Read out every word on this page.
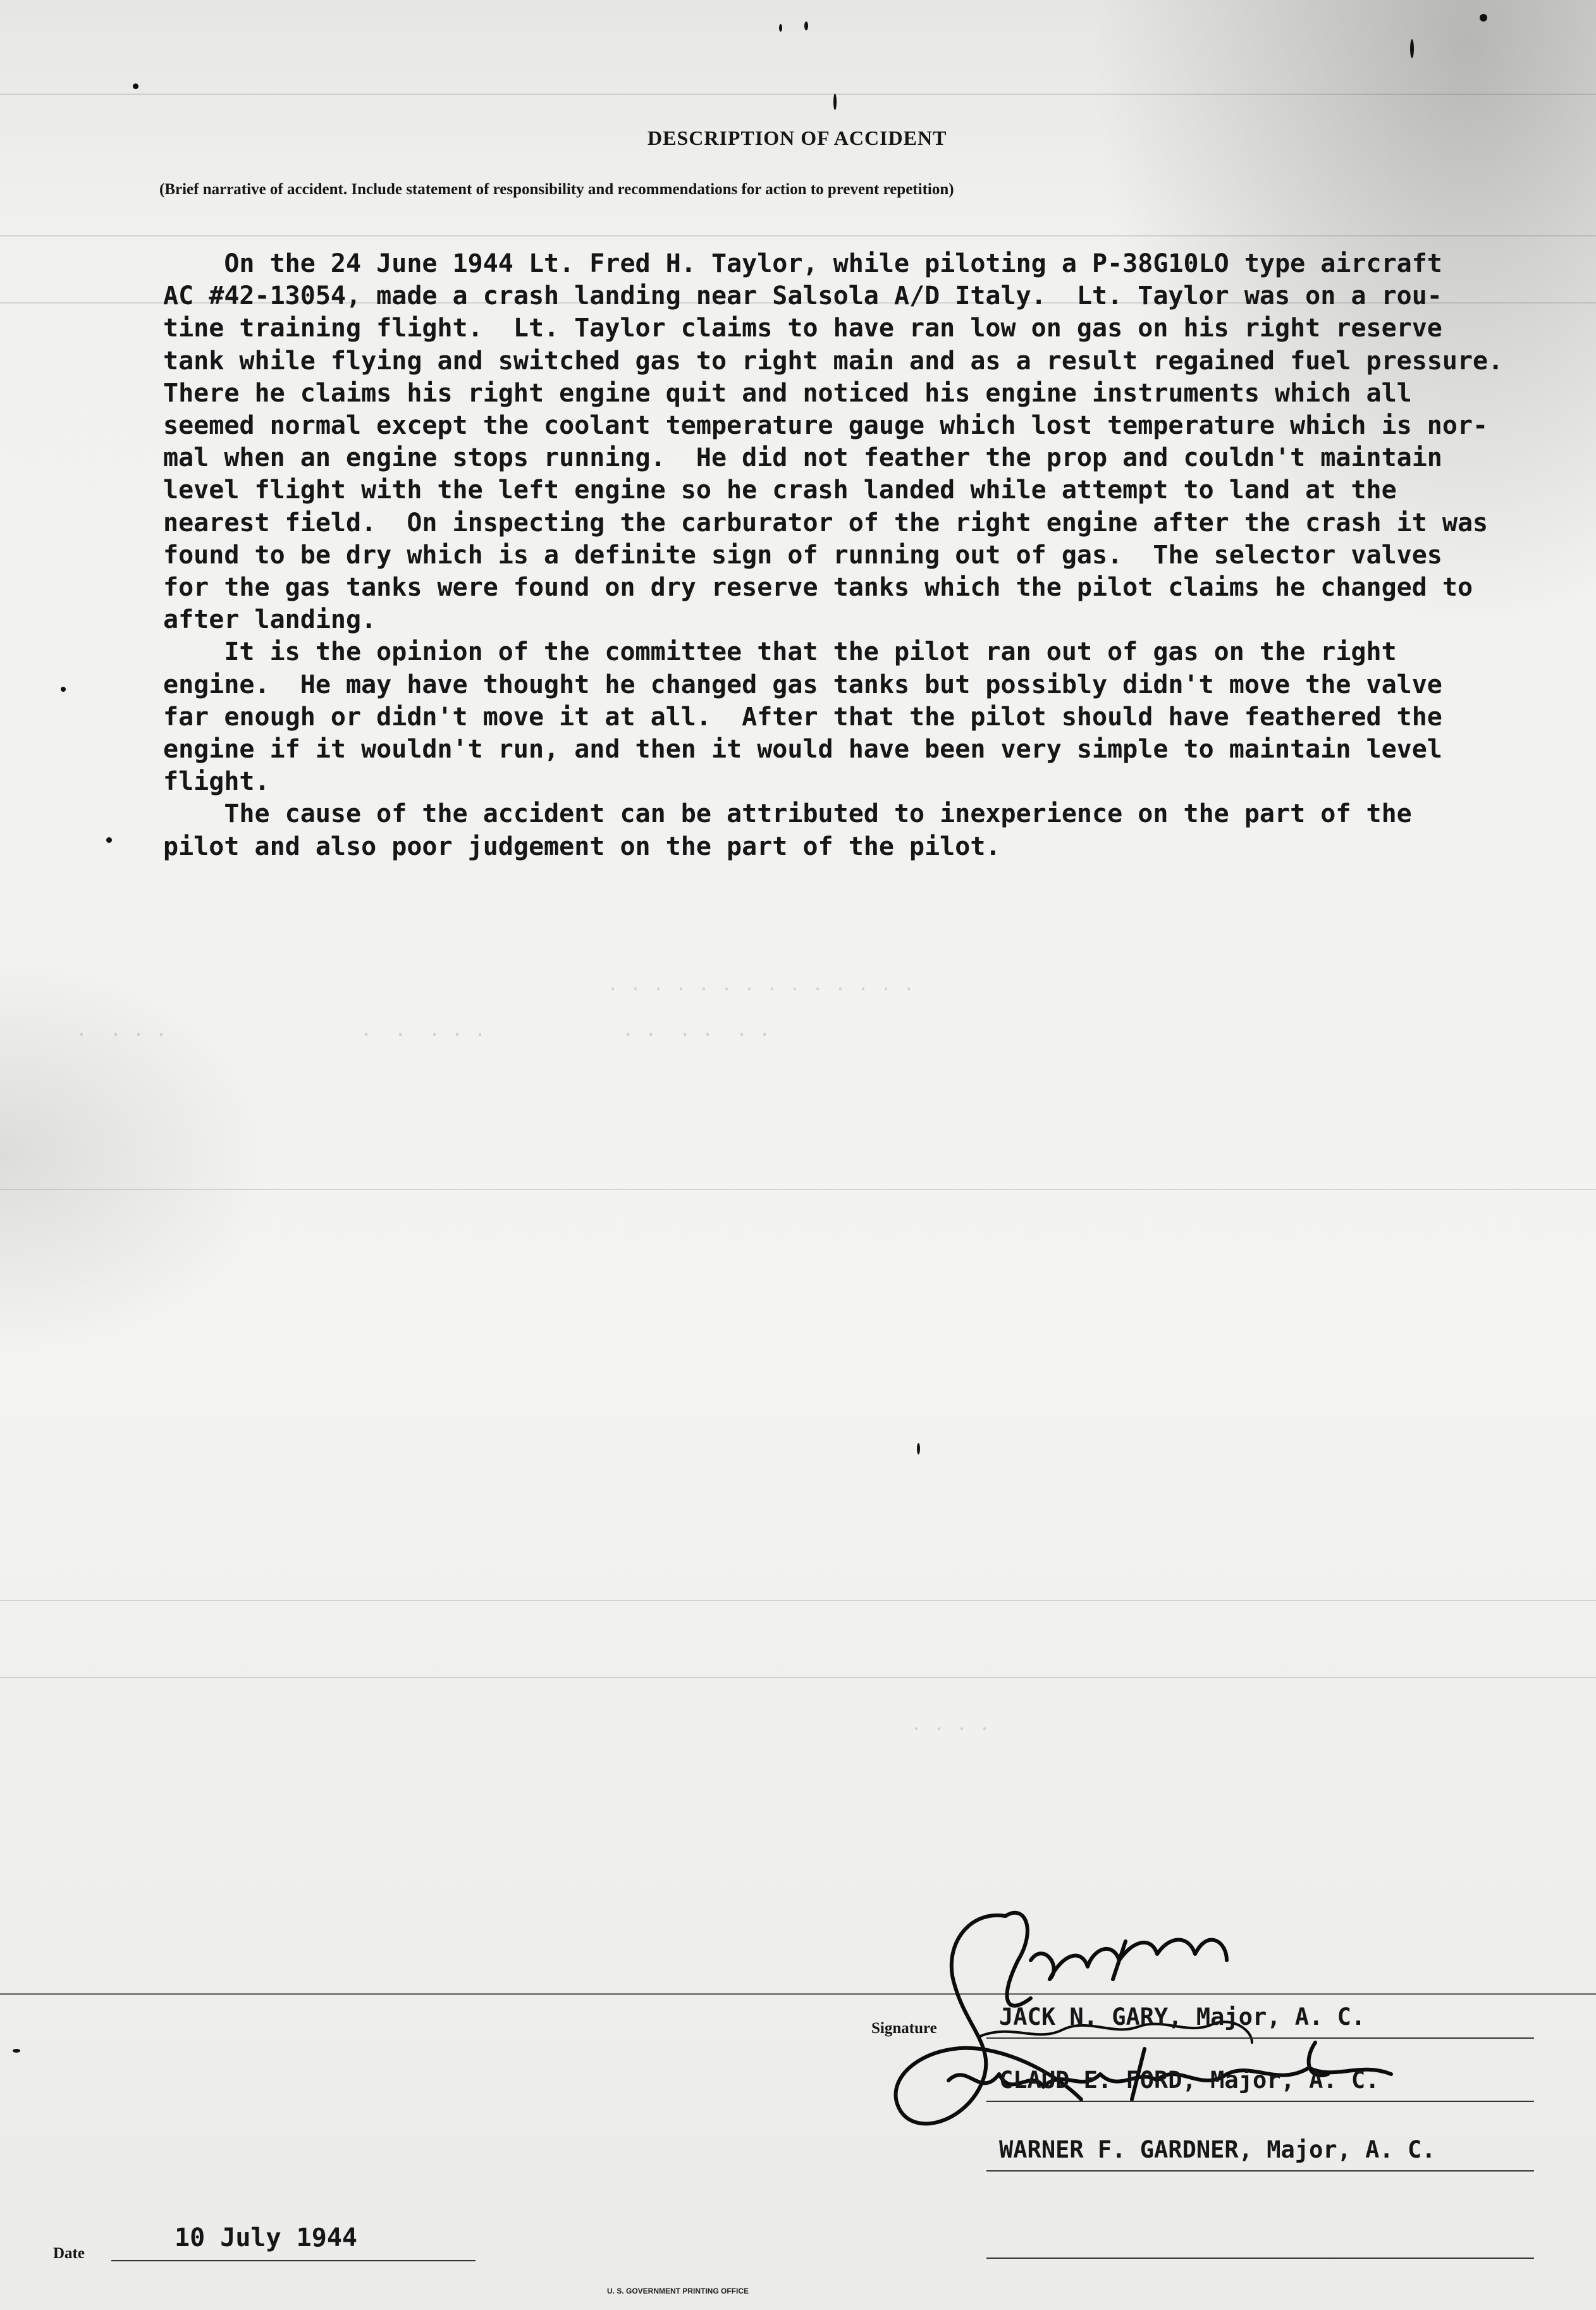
· · · · · · · · · · · · · ·
·  · · ·                 ·  ·  · · ·            · ·  · ·  · ·
· · · ·
DESCRIPTION OF ACCIDENT
(Brief narrative of accident. Include statement of responsibility and recommendations for action to prevent repetition)
On the 24 June 1944 Lt. Fred H. Taylor, while piloting a P-38G10LO type aircraft
AC #42-13054, made a crash landing near Salsola A/D Italy.  Lt. Taylor was on a rou-
tine training flight.  Lt. Taylor claims to have ran low on gas on his right reserve
tank while flying and switched gas to right main and as a result regained fuel pressure.
There he claims his right engine quit and noticed his engine instruments which all
seemed normal except the coolant temperature gauge which lost temperature which is nor-
mal when an engine stops running.  He did not feather the prop and couldn't maintain
level flight with the left engine so he crash landed while attempt to land at the
nearest field.  On inspecting the carburator of the right engine after the crash it was
found to be dry which is a definite sign of running out of gas.  The selector valves
for the gas tanks were found on dry reserve tanks which the pilot claims he changed to
after landing.
It is the opinion of the committee that the pilot ran out of gas on the right
engine.  He may have thought he changed gas tanks but possibly didn't move the valve
far enough or didn't move it at all.  After that the pilot should have feathered the
engine if it wouldn't run, and then it would have been very simple to maintain level
flight.
The cause of the accident can be attributed to inexperience on the part of the
pilot and also poor judgement on the part of the pilot.
Signature	JACK N. GARY, Major, A. C.
CLAUD E. FORD, Major, A. C.
WARNER F. GARDNER, Major, A. C.
Date
10 July 1944
U. S. GOVERNMENT PRINTING OFFICE
